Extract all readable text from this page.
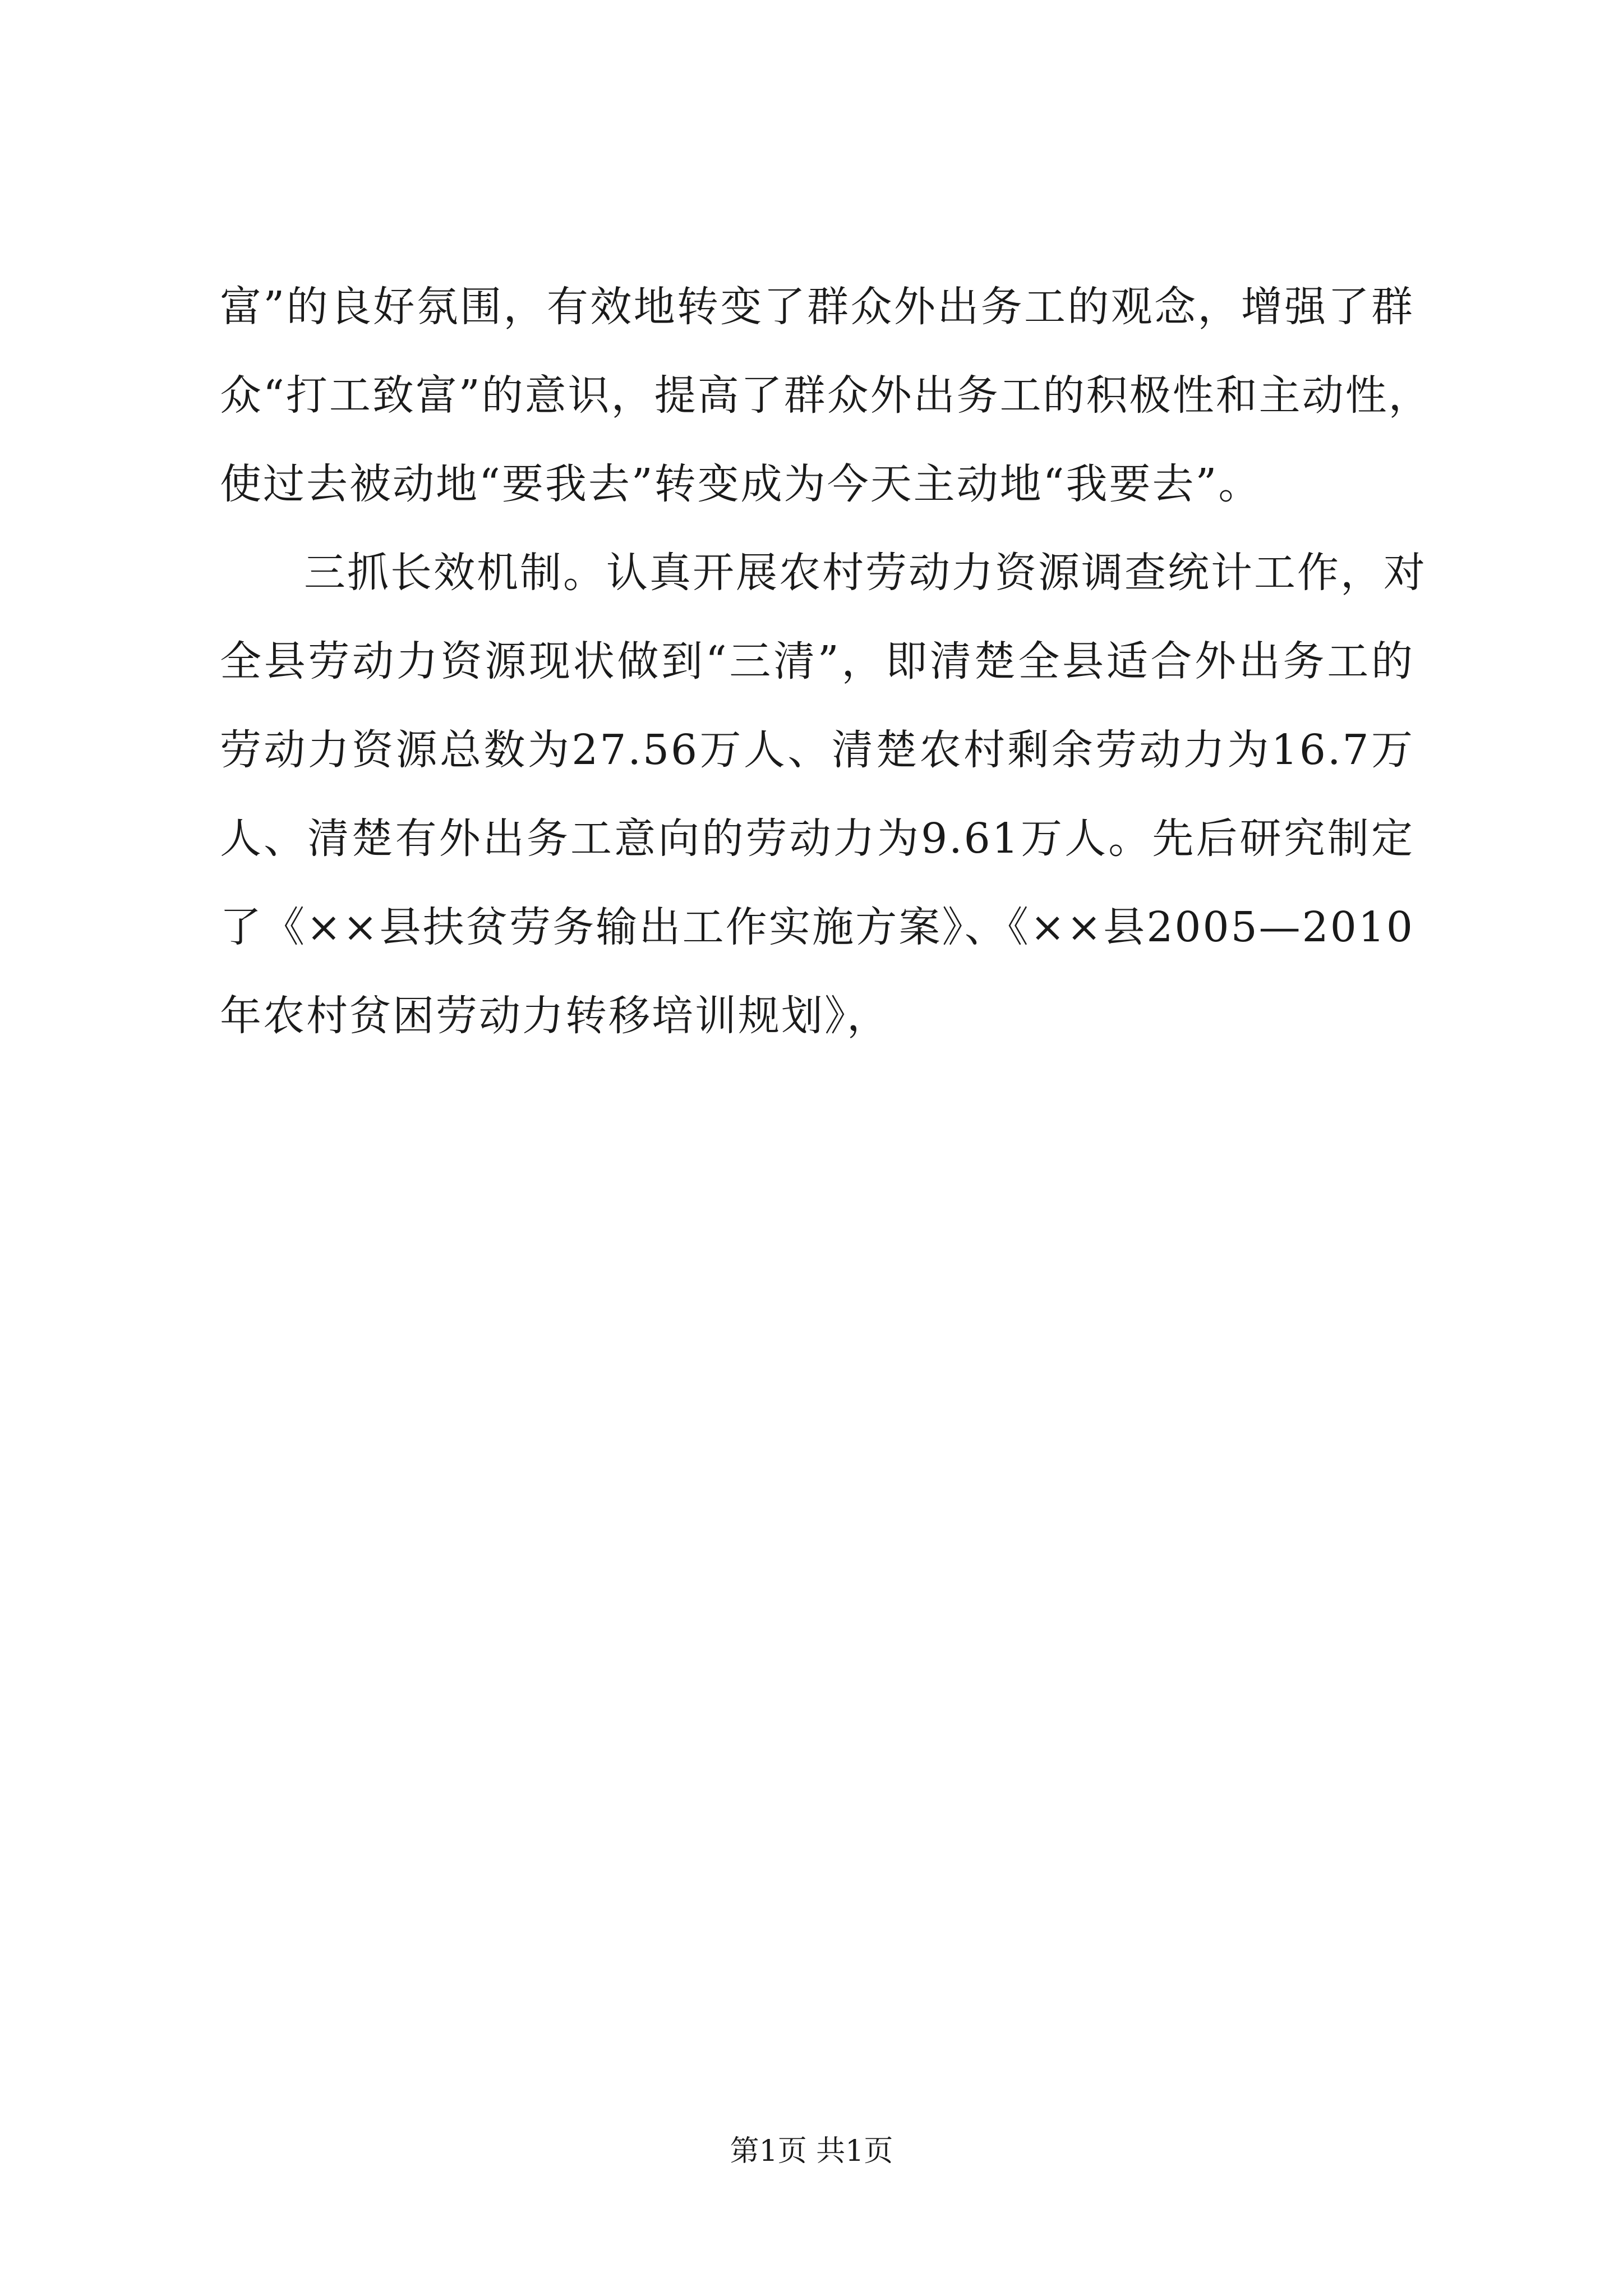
富”的良好氛围，有效地转变了群众外出务工的观念，增强了群
众“打工致富”的意识，提高了群众外出务工的积极性和主动性，
使过去被动地“要我去”转变成为今天主动地“我要去”。
三抓长效机制。认真开展农村劳动力资源调查统计工作，对
全县劳动力资源现状做到“三清”，即清楚全县适合外出务工的
劳动力资源总数为27.56万人、清楚农村剩余劳动力为16.7万
人、清楚有外出务工意向的劳动力为9.61万人。先后研究制定
了《××县扶贫劳务输出工作实施方案》、《××县2005—2010
年农村贫困劳动力转移培训规划》，
第1页 共1页
